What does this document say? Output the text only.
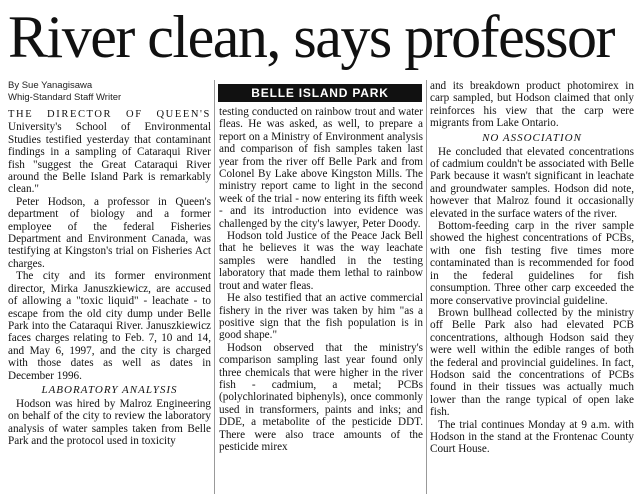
River clean, says professor
By Sue Yanagisawa
Whig-Standard Staff Writer	BELLE ISLAND PARK

THE DIRECTOR OF QUEEN'S University's School of Environmental Studies testified yesterday that contaminant findings in a sampling of Cataraqui River fish "suggest the Great Cataraqui River around the Belle Island Park is remarkably clean."

Peter Hodson, a professor in Queen's department of biology and a former employee of the federal Fisheries Department and Environment Canada, was testifying at Kingston's trial on Fisheries Act charges.

The city and its former environment director, Mirka Januszkiewicz, are accused of allowing a "toxic liquid" - leachate - to escape from the old city dump under Belle Park into the Cataraqui River. Januszkiewicz faces charges relating to Feb. 7, 10 and 14, and May 6, 1997, and the city is charged with those dates as well as dates in December 1996.

LABORATORY ANALYSIS

Hodson was hired by Malroz Engineering on behalf of the city to review the laboratory analysis of water samples taken from Belle Park and the protocol used in toxicity

testing conducted on rainbow trout and water fleas. He was asked, as well, to prepare a report on a Ministry of Environment analysis and comparison of fish samples taken last year from the river off Belle Park and from Colonel By Lake above Kingston Mills. The ministry report came to light in the second week of the trial - now entering its fifth week - and its introduction into evidence was challenged by the city's lawyer, Peter Doody.

Hodson told Justice of the Peace Jack Bell that he believes it was the way leachate samples were handled in the testing laboratory that made them lethal to rainbow trout and water fleas.

He also testified that an active commercial fishery in the river was taken by him "as a positive sign that the fish population is in good shape."

Hodson observed that the ministry's comparison sampling last year found only three chemicals that were higher in the river fish - cadmium, a metal; PCBs (polychlorinated biphenyls), once commonly used in transformers, paints and inks; and DDE, a metabolite of the pesticide DDT. There were also trace amounts of the pesticide mirex

and its breakdown product photomirex in carp sampled, but Hodson claimed that only reinforces his view that the carp were migrants from Lake Ontario.

NO ASSOCIATION

He concluded that elevated concentrations of cadmium couldn't be associated with Belle Park because it wasn't significant in leachate and groundwater samples. Hodson did note, however that Malroz found it occasionally elevated in the surface waters of the river.

Bottom-feeding carp in the river sample showed the highest concentrations of PCBs, with one fish testing five times more contaminated than is recommended for food in the federal guidelines for fish consumption. Three other carp exceeded the more conservative provincial guideline.

Brown bullhead collected by the ministry off Belle Park also had elevated PCB concentrations, although Hodson said they were well within the edible ranges of both the federal and provincial guidelines. In fact, Hodson said the concentrations of PCBs found in their tissues was actually much lower than the range typical of open lake fish.

The trial continues Monday at 9 a.m. with Hodson in the stand at the Frontenac County Court House.
